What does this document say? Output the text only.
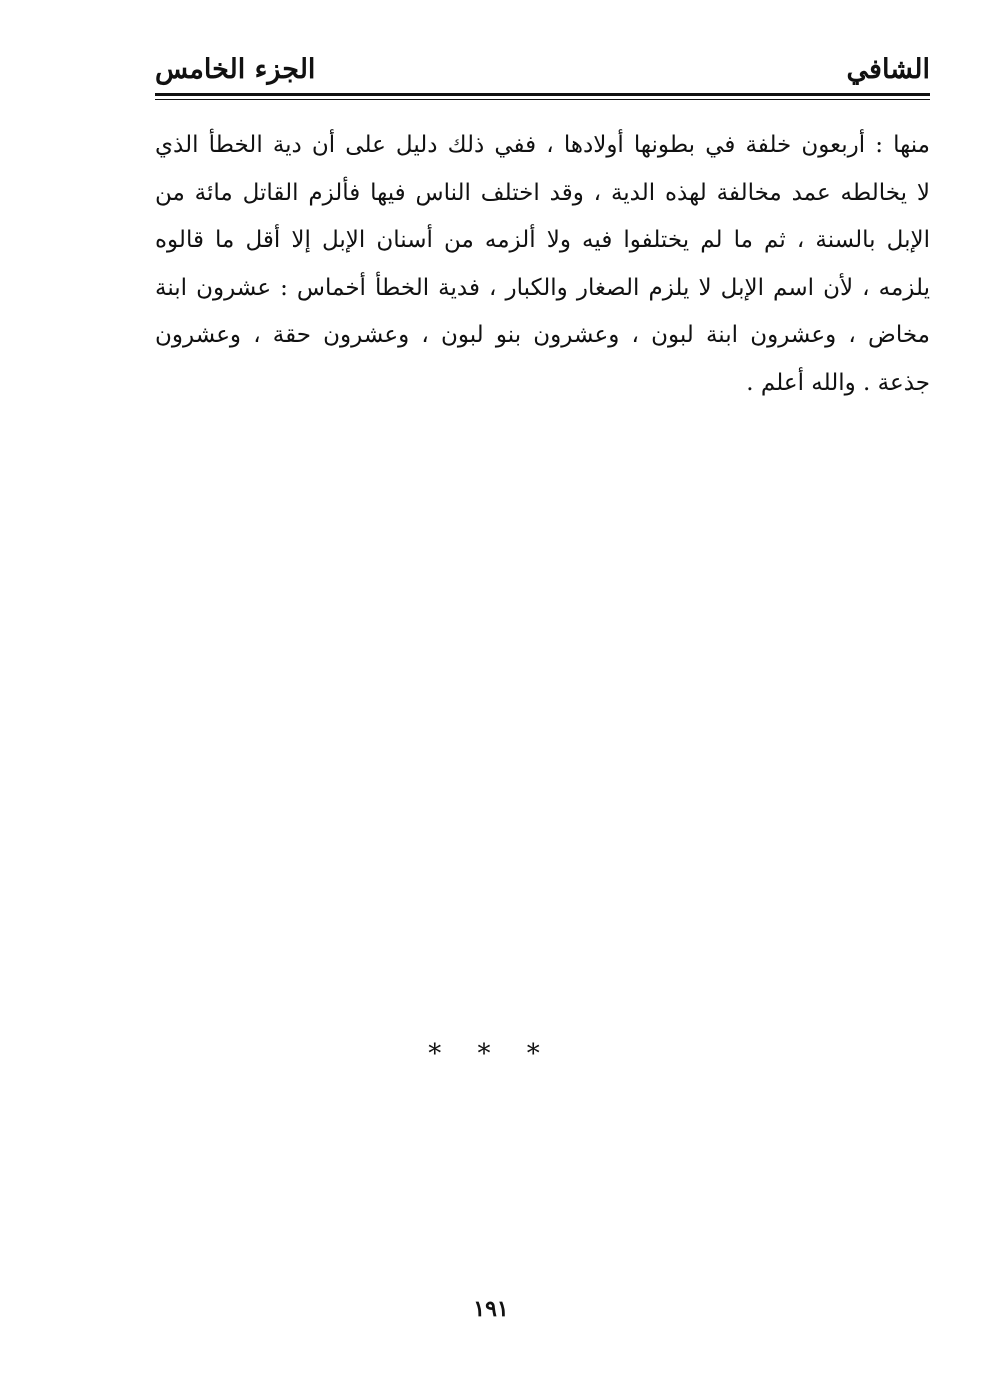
الشافي
الجزء الخامس
منها : أربعون خلفة في بطونها أولادها ، ففي ذلك دليل على أن دية الخطأ الذي
لا يخالطه عمد مخالفة لهذه الدية ، وقد اختلف الناس فيها فألزم القاتل مائة من
الإبل بالسنة ، ثم ما لم يختلفوا فيه ولا ألزمه من أسنان الإبل إلا أقل ما قالوه
يلزمه ، لأن اسم الإبل لا يلزم الصغار والكبار ، فدية الخطأ أخماس : عشرون ابنة
مخاض ، وعشرون ابنة لبون ، وعشرون بنو لبون ، وعشرون حقة ، وعشرون
جذعة . والله أعلم .
* * *
١٩١
